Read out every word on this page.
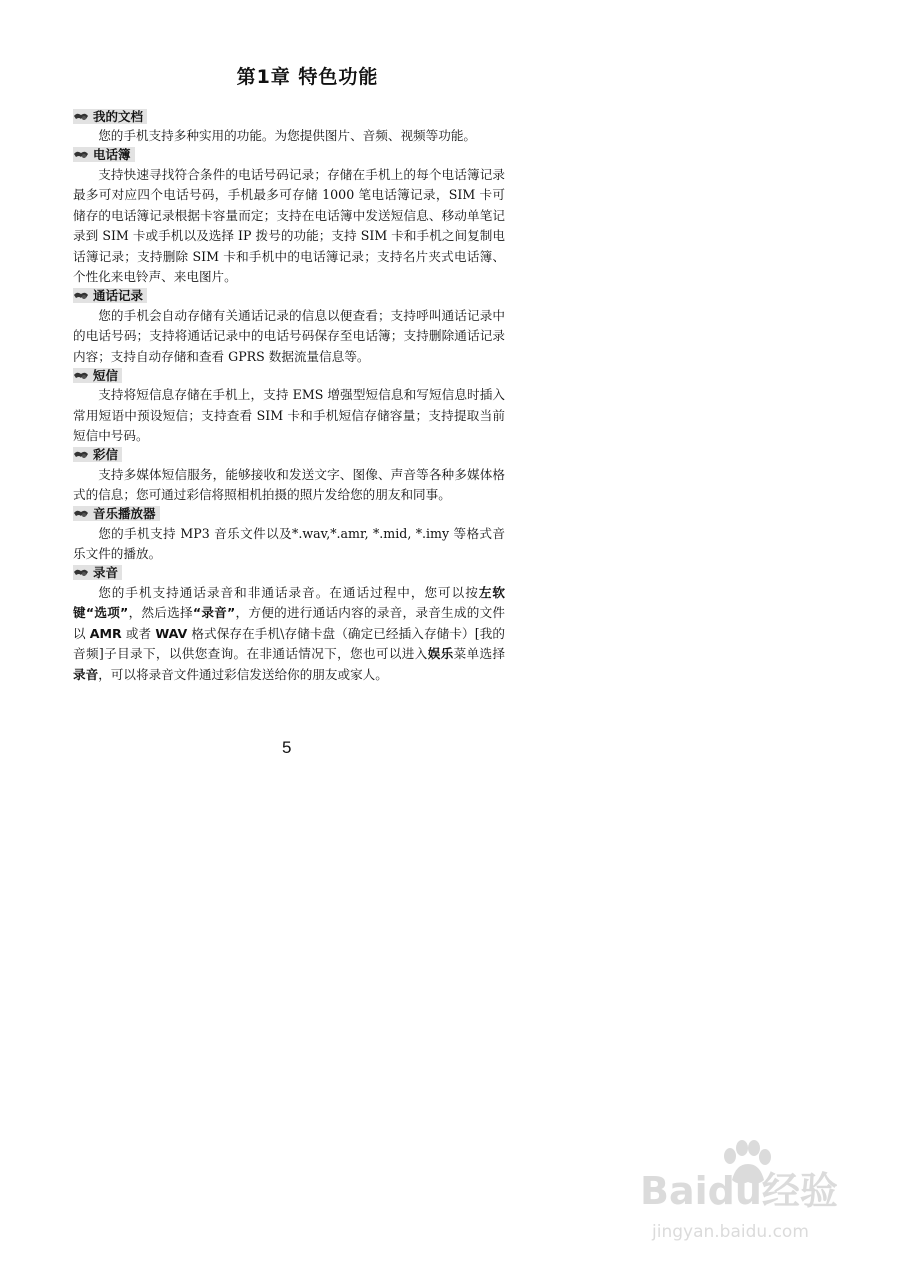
第1章 特色功能
我的文档

您的手机支持多种实用的功能。为您提供图片、音频、视频等功能。

电话簿

支持快速寻找符合条件的电话号码记录；存储在手机上的每个电话簿记录最多可对应四个电话号码，手机最多可存储 1000 笔电话簿记录，SIM 卡可储存的电话簿记录根据卡容量而定；支持在电话簿中发送短信息、移动单笔记录到 SIM 卡或手机以及选择 IP 拨号的功能；支持 SIM 卡和手机之间复制电话簿记录；支持删除 SIM 卡和手机中的电话簿记录；支持名片夹式电话簿、个性化来电铃声、来电图片。

通话记录

您的手机会自动存储有关通话记录的信息以便查看；支持呼叫通话记录中的电话号码；支持将通话记录中的电话号码保存至电话簿；支持删除通话记录内容；支持自动存储和查看 GPRS 数据流量信息等。

短信

支持将短信息存储在手机上，支持 EMS 增强型短信息和写短信息时插入常用短语中预设短信；支持查看 SIM 卡和手机短信存储容量；支持提取当前短信中号码。

彩信

支持多媒体短信服务，能够接收和发送文字、图像、声音等各种多媒体格式的信息；您可通过彩信将照相机拍摄的照片发给您的朋友和同事。

音乐播放器

您的手机支持 MP3 音乐文件以及*.wav,*.amr, *.mid, *.imy 等格式音乐文件的播放。

录音

您的手机支持通话录音和非通话录音。在通话过程中，您可以按左软键“选项”，然后选择“录音”，方便的进行通话内容的录音，录音生成的文件以 AMR 或者 WAV 格式保存在手机\存储卡盘（确定已经插入存储卡）[我的音频]子目录下，以供您查询。在非通话情况下，您也可以进入娱乐菜单选择录音，可以将录音文件通过彩信发送给你的朋友或家人。

5
Baidu经验
jingyan.baidu.com
